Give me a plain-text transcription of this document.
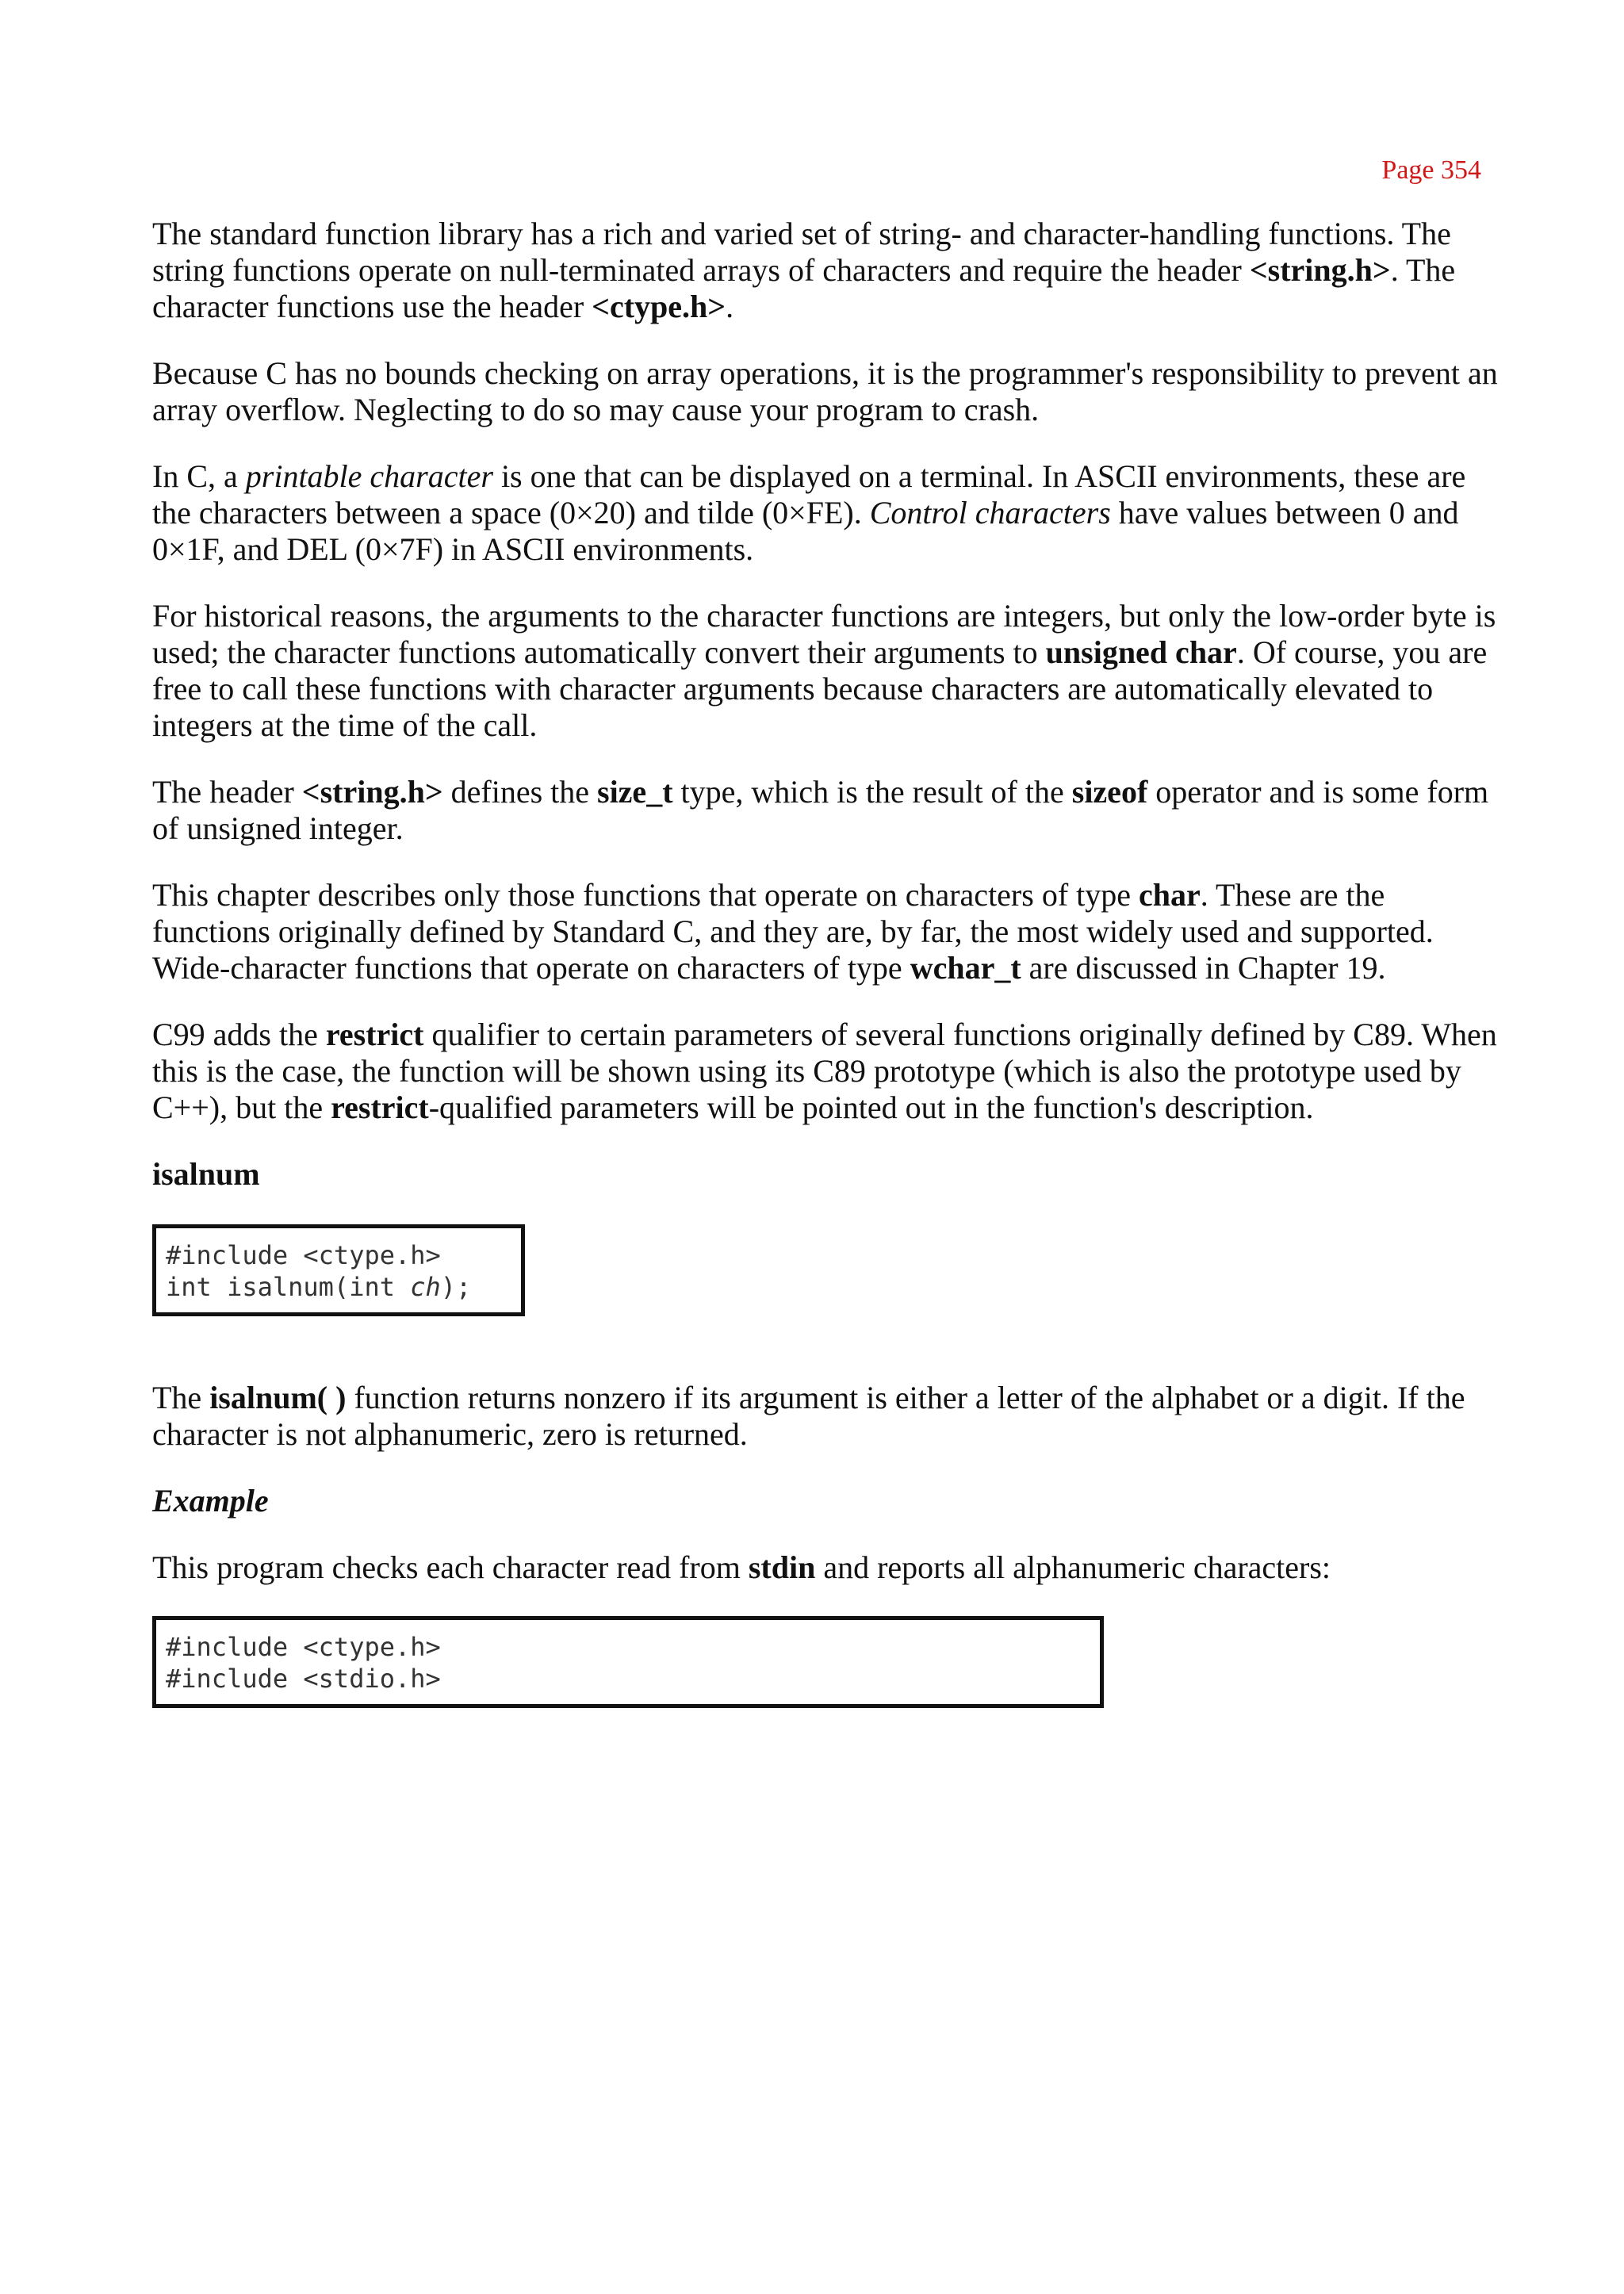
Page 354

The standard function library has a rich and varied set of string- and character-handling functions. The string functions operate on null-terminated arrays of characters and require the header <string.h>. The character functions use the header <ctype.h>.

Because C has no bounds checking on array operations, it is the programmer's responsibility to prevent an array overflow. Neglecting to do so may cause your program to crash.

In C, a printable character is one that can be displayed on a terminal. In ASCII environments, these are the characters between a space (0×20) and tilde (0×FE). Control characters have values between 0 and 0×1F, and DEL (0×7F) in ASCII environments.

For historical reasons, the arguments to the character functions are integers, but only the low-order byte is used; the character functions automatically convert their arguments to unsigned char. Of course, you are free to call these functions with character arguments because characters are automatically elevated to integers at the time of the call.

The header <string.h> defines the size_t type, which is the result of the sizeof operator and is some form of unsigned integer.

This chapter describes only those functions that operate on characters of type char. These are the functions originally defined by Standard C, and they are, by far, the most widely used and supported. Wide-character functions that operate on characters of type wchar_t are discussed in Chapter 19.

C99 adds the restrict qualifier to certain parameters of several functions originally defined by C89. When this is the case, the function will be shown using its C89 prototype (which is also the prototype used by C++), but the restrict-qualified parameters will be pointed out in the function's description.

isalnum
#include <ctype.h>
int isalnum(int ch);

The isalnum( ) function returns nonzero if its argument is either a letter of the alphabet or a digit. If the character is not alphanumeric, zero is returned.

Example

This program checks each character read from stdin and reports all alphanumeric characters:

#include <ctype.h>
#include <stdio.h>
